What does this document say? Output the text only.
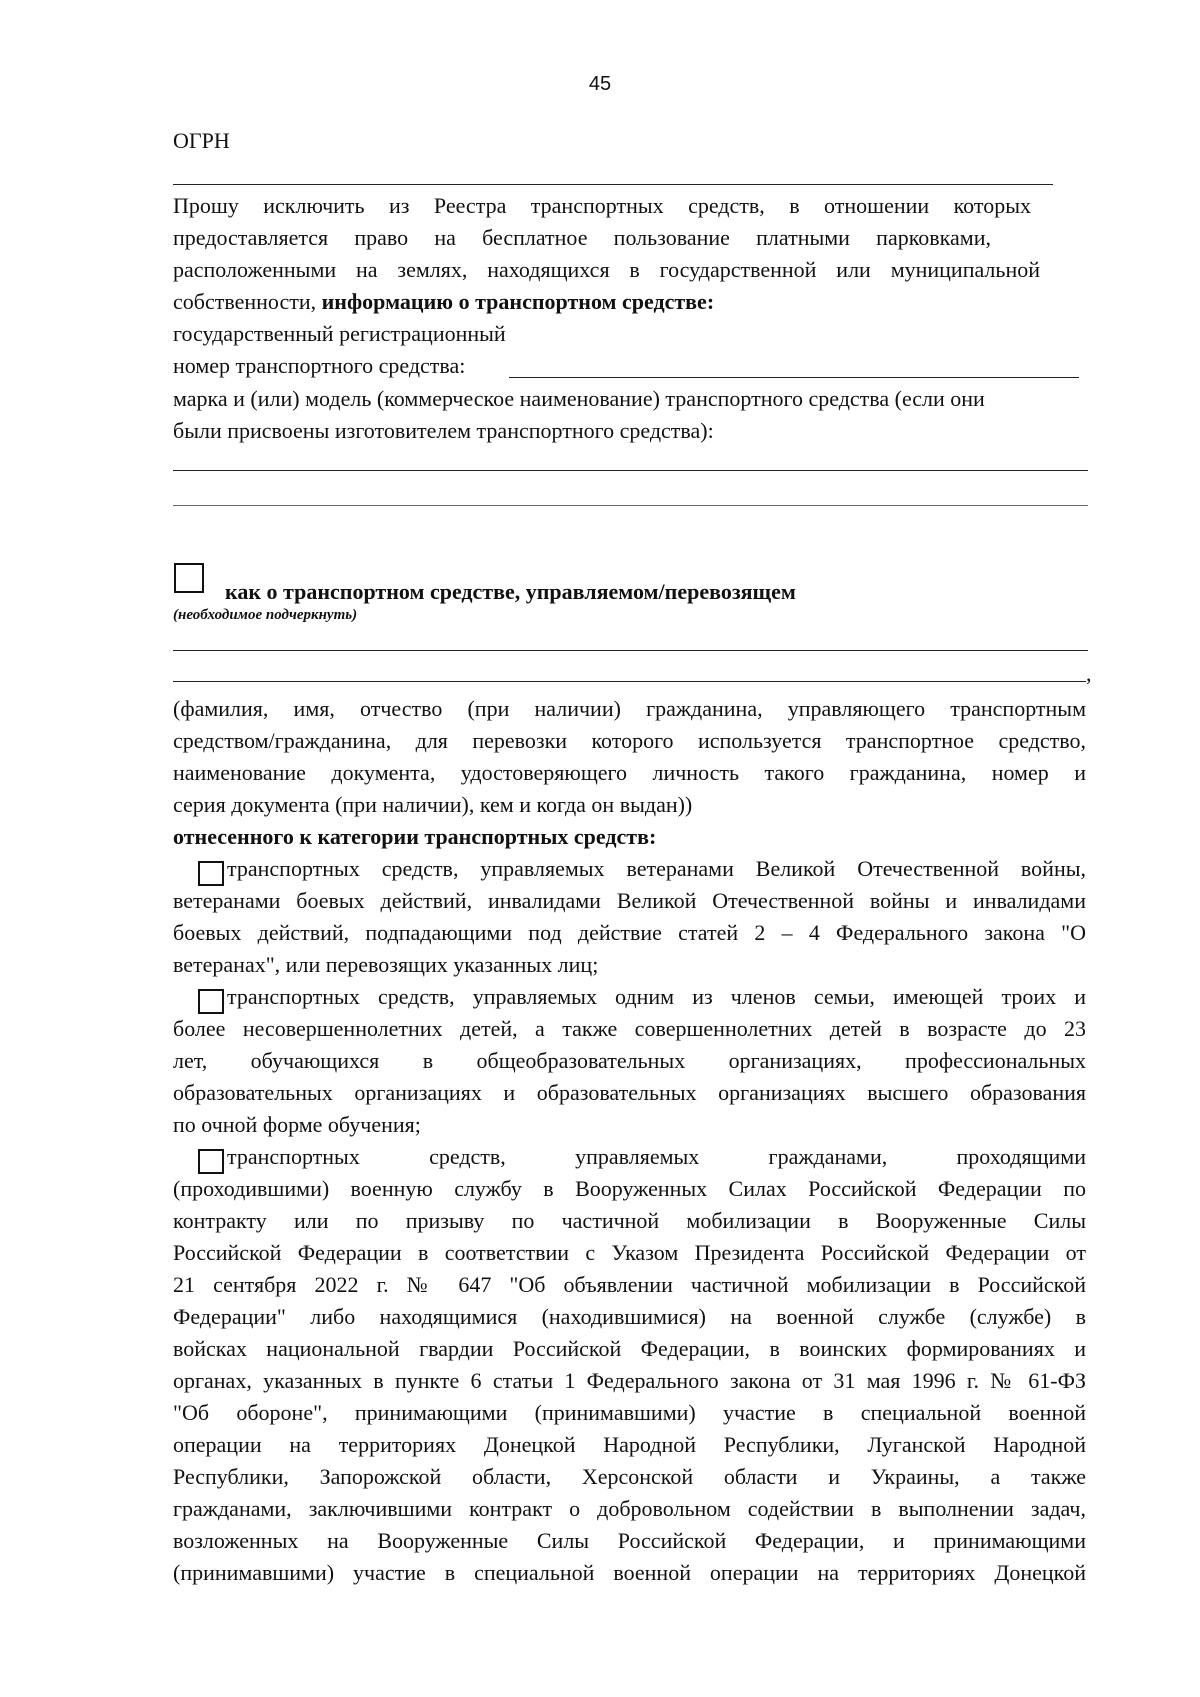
45
ОГРН
Прошу исключить из Реестра транспортных средств, в отношении которых
предоставляется право на бесплатное пользование платными парковками,
расположенными на землях, находящихся в государственной или муниципальной
собственности, информацию о транспортном средстве:
государственный регистрационный
номер транспортного средства:
марка и (или) модель (коммерческое наименование) транспортного средства (если они
были присвоены изготовителем транспортного средства):
как о транспортном средстве, управляемом/перевозящем
(необходимое подчеркнуть)
,
(фамилия, имя, отчество (при наличии) гражданина, управляющего транспортным
средством/гражданина, для перевозки которого используется транспортное средство,
наименование документа, удостоверяющего личность такого гражданина, номер и
серия документа (при наличии), кем и когда он выдан))
отнесенного к категории транспортных средств:
транспортных средств, управляемых ветеранами Великой Отечественной войны,
ветеранами боевых действий, инвалидами Великой Отечественной войны и инвалидами
боевых действий, подпадающими под действие статей 2 – 4 Федерального закона "О
ветеранах", или перевозящих указанных лиц;
транспортных средств, управляемых одним из членов семьи, имеющей троих и
более несовершеннолетних детей, а также совершеннолетних детей в возрасте до 23
лет, обучающихся в общеобразовательных организациях, профессиональных
образовательных организациях и образовательных организациях высшего образования
по очной форме обучения;
транспортных средств, управляемых гражданами, проходящими
(проходившими) военную службу в Вооруженных Силах Российской Федерации по
контракту или по призыву по частичной мобилизации в Вооруженные Силы
Российской Федерации в соответствии с Указом Президента Российской Федерации от
21 сентября 2022 г. № 647 "Об объявлении частичной мобилизации в Российской
Федерации" либо находящимися (находившимися) на военной службе (службе) в
войсках национальной гвардии Российской Федерации, в воинских формированиях и
органах, указанных в пункте 6 статьи 1 Федерального закона от 31 мая 1996 г. № 61-ФЗ
"Об обороне", принимающими (принимавшими) участие в специальной военной
операции на территориях Донецкой Народной Республики, Луганской Народной
Республики, Запорожской области, Херсонской области и Украины, а также
гражданами, заключившими контракт о добровольном содействии в выполнении задач,
возложенных на Вооруженные Силы Российской Федерации, и принимающими
(принимавшими) участие в специальной военной операции на территориях Донецкой
